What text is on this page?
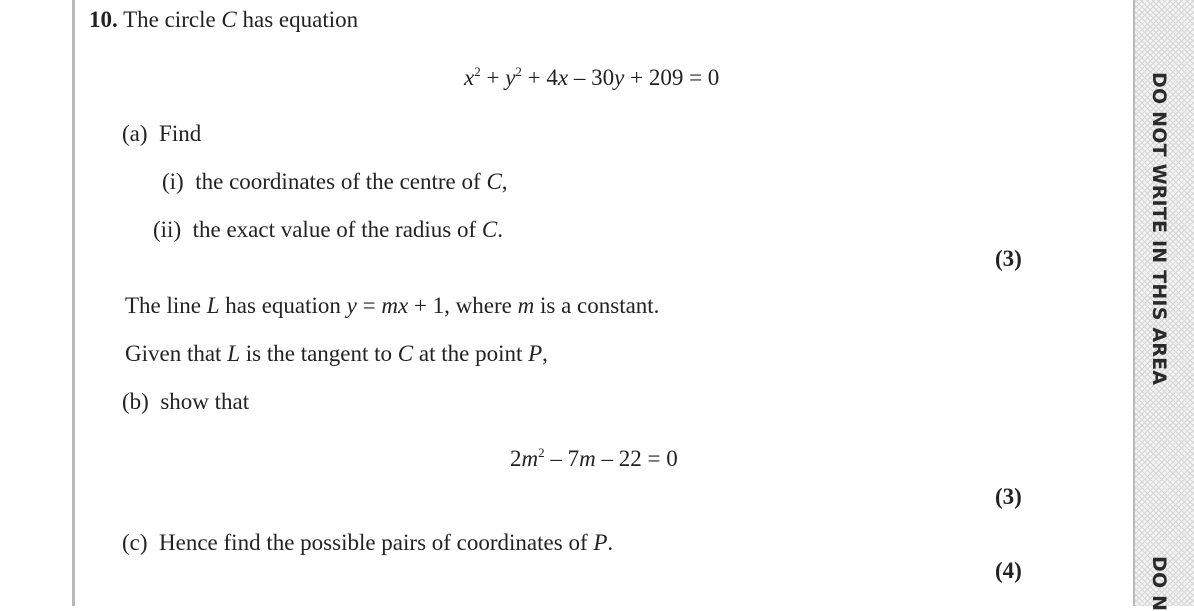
DO NOT WRITE IN THIS AREA
DO N
10. The circle C has equation
$x^2 + y^2 + 4x - 30y + 209 = 0$
(a) Find
(i) the coordinates of the centre of C,
(ii) the exact value of the radius of C.
(3)
The line L has equation y = mx + 1, where m is a constant.
Given that L is the tangent to C at the point P,
(b) show that
$2m^2 - 7m - 22 = 0$
(3)
(c) Hence find the possible pairs of coordinates of P.
(4)
